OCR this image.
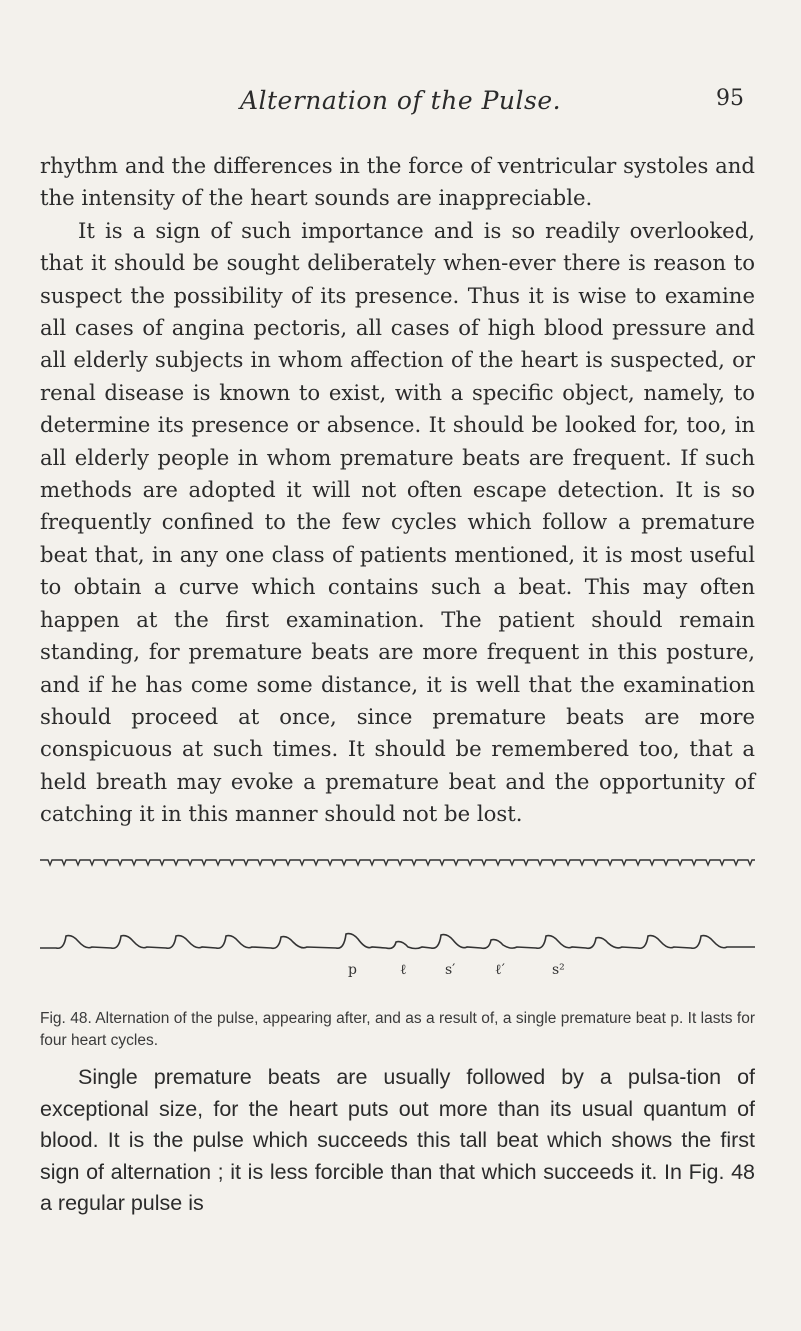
Alternation of the Pulse.	95

rhythm and the differences in the force of ventricular systoles and the intensity of the heart sounds are inappreciable.

It is a sign of such importance and is so readily overlooked, that it should be sought deliberately when-ever there is reason to suspect the possibility of its presence. Thus it is wise to examine all cases of angina pectoris, all cases of high blood pressure and all elderly subjects in whom affection of the heart is suspected, or renal disease is known to exist, with a specific object, namely, to determine its presence or absence. It should be looked for, too, in all elderly people in whom premature beats are frequent. If such methods are adopted it will not often escape detection. It is so frequently confined to the few cycles which follow a premature beat that, in any one class of patients mentioned, it is most useful to obtain a curve which contains such a beat. This may often happen at the first examination. The patient should remain standing, for premature beats are more frequent in this posture, and if he has come some distance, it is well that the examination should proceed at once, since premature beats are more conspicuous at such times. It should be remembered too, that a held breath may evoke a premature beat and the opportunity of catching it in this manner should not be lost.

p	ℓ	s′	ℓ′	s²
Fig. 48. Alternation of the pulse, appearing after, and as a result of, a single premature beat p. It lasts for four heart cycles.

Single premature beats are usually followed by a pulsa-tion of exceptional size, for the heart puts out more than its usual quantum of blood. It is the pulse which succeeds this tall beat which shows the first sign of alternation ; it is less forcible than that which succeeds it. In Fig. 48 a regular pulse is
